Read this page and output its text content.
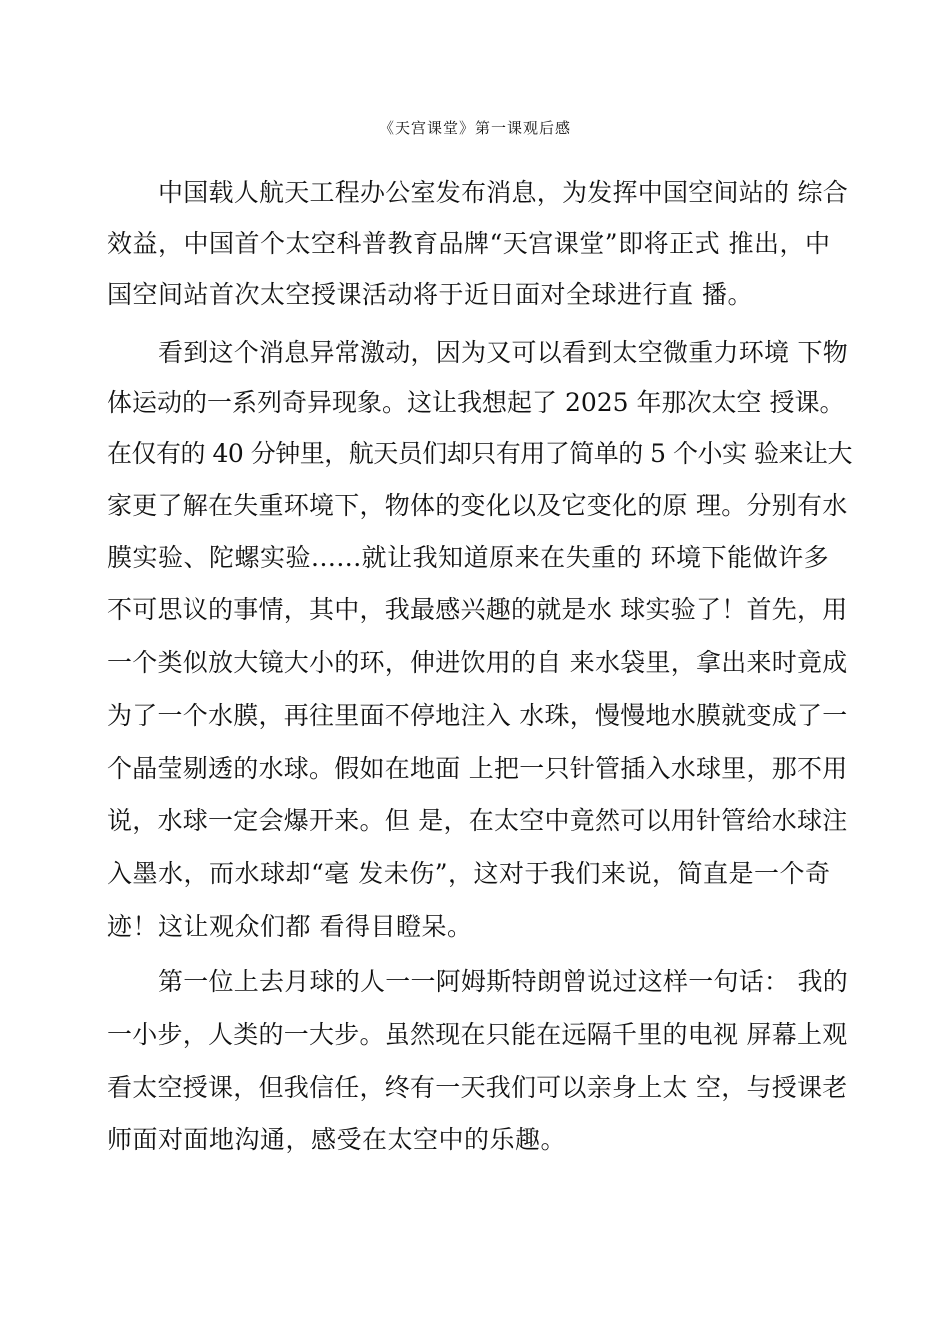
《天宫课堂》第一课观后感
中国载人航天工程办公室发布消息，为发挥中国空间站的 综合
效益，中国首个太空科普教育品牌“天宫课堂”即将正式 推出，中
国空间站首次太空授课活动将于近日面对全球进行直 播。
看到这个消息异常激动，因为又可以看到太空微重力环境 下物
体运动的一系列奇异现象。这让我想起了 2025 年那次太空 授课。
在仅有的 40 分钟里，航天员们却只有用了简单的 5 个小实 验来让大
家更了解在失重环境下，物体的变化以及它变化的原 理。分别有水
膜实验、陀螺实验......就让我知道原来在失重的 环境下能做许多
不可思议的事情，其中，我最感兴趣的就是水 球实验了！首先，用
一个类似放大镜大小的环，伸进饮用的自 来水袋里，拿出来时竟成
为了一个水膜，再往里面不停地注入 水珠，慢慢地水膜就变成了一
个晶莹剔透的水球。假如在地面 上把一只针管插入水球里，那不用
说，水球一定会爆开来。但 是，在太空中竟然可以用针管给水球注
入墨水，而水球却“毫 发未伤”，这对于我们来说，简直是一个奇
迹！这让观众们都 看得目瞪呆。
第一位上去月球的人一一阿姆斯特朗曾说过这样一句话： 我的
一小步，人类的一大步。虽然现在只能在远隔千里的电视 屏幕上观
看太空授课，但我信任，终有一天我们可以亲身上太 空，与授课老
师面对面地沟通，感受在太空中的乐趣。
